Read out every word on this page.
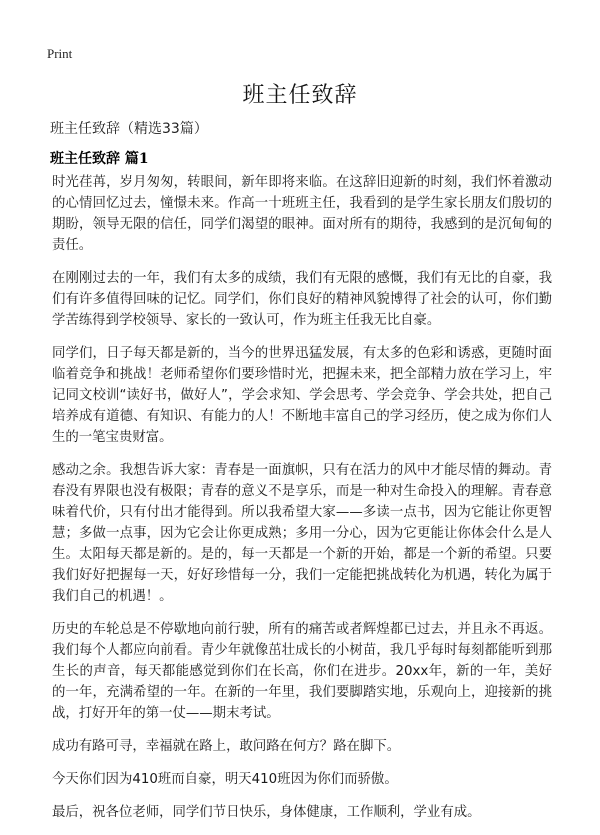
Print
班主任致辞
班主任致辞（精选33篇）
班主任致辞 篇1

时光荏苒，岁月匆匆，转眼间，新年即将来临。在这辞旧迎新的时刻，我们怀着激动的心情回忆过去，憧憬未来。作高一十班班主任，我看到的是学生家长朋友们殷切的期盼，领导无限的信任，同学们渴望的眼神。面对所有的期待，我感到的是沉甸甸的责任。

在刚刚过去的一年，我们有太多的成绩，我们有无限的感慨，我们有无比的自豪，我们有许多值得回味的记忆。同学们，你们良好的精神风貌博得了社会的认可，你们勤学苦练得到学校领导、家长的一致认可，作为班主任我无比自豪。

同学们，日子每天都是新的，当今的世界迅猛发展，有太多的色彩和诱惑，更随时面临着竞争和挑战！老师希望你们要珍惜时光，把握未来，把全部精力放在学习上，牢记同文校训“读好书，做好人”，学会求知、学会思考、学会竞争、学会共处，把自己培养成有道德、有知识、有能力的人！不断地丰富自己的学习经历，使之成为你们人生的一笔宝贵财富。

感动之余。我想告诉大家：青春是一面旗帜，只有在活力的风中才能尽情的舞动。青春没有界限也没有极限；青春的意义不是享乐，而是一种对生命投入的理解。青春意味着代价，只有付出才能得到。所以我希望大家——多读一点书，因为它能让你更智慧；多做一点事，因为它会让你更成熟；多用一分心，因为它更能让你体会什么是人生。太阳每天都是新的。是的，每一天都是一个新的开始，都是一个新的希望。只要我们好好把握每一天，好好珍惜每一分，我们一定能把挑战转化为机遇，转化为属于我们自己的机遇！。

历史的车轮总是不停歇地向前行驶，所有的痛苦或者辉煌都已过去，并且永不再返。我们每个人都应向前看。青少年就像茁壮成长的小树苗，我几乎每时每刻都能听到那生长的声音，每天都能感觉到你们在长高，你们在进步。20xx年，新的一年，美好的一年，充满希望的一年。在新的一年里，我们要脚踏实地，乐观向上，迎接新的挑战，打好开年的第一仗——期末考试。

成功有路可寻，幸福就在路上，敢问路在何方？路在脚下。

今天你们因为410班而自豪，明天410班因为你们而骄傲。

最后，祝各位老师，同学们节日快乐，身体健康，工作顺利，学业有成。
